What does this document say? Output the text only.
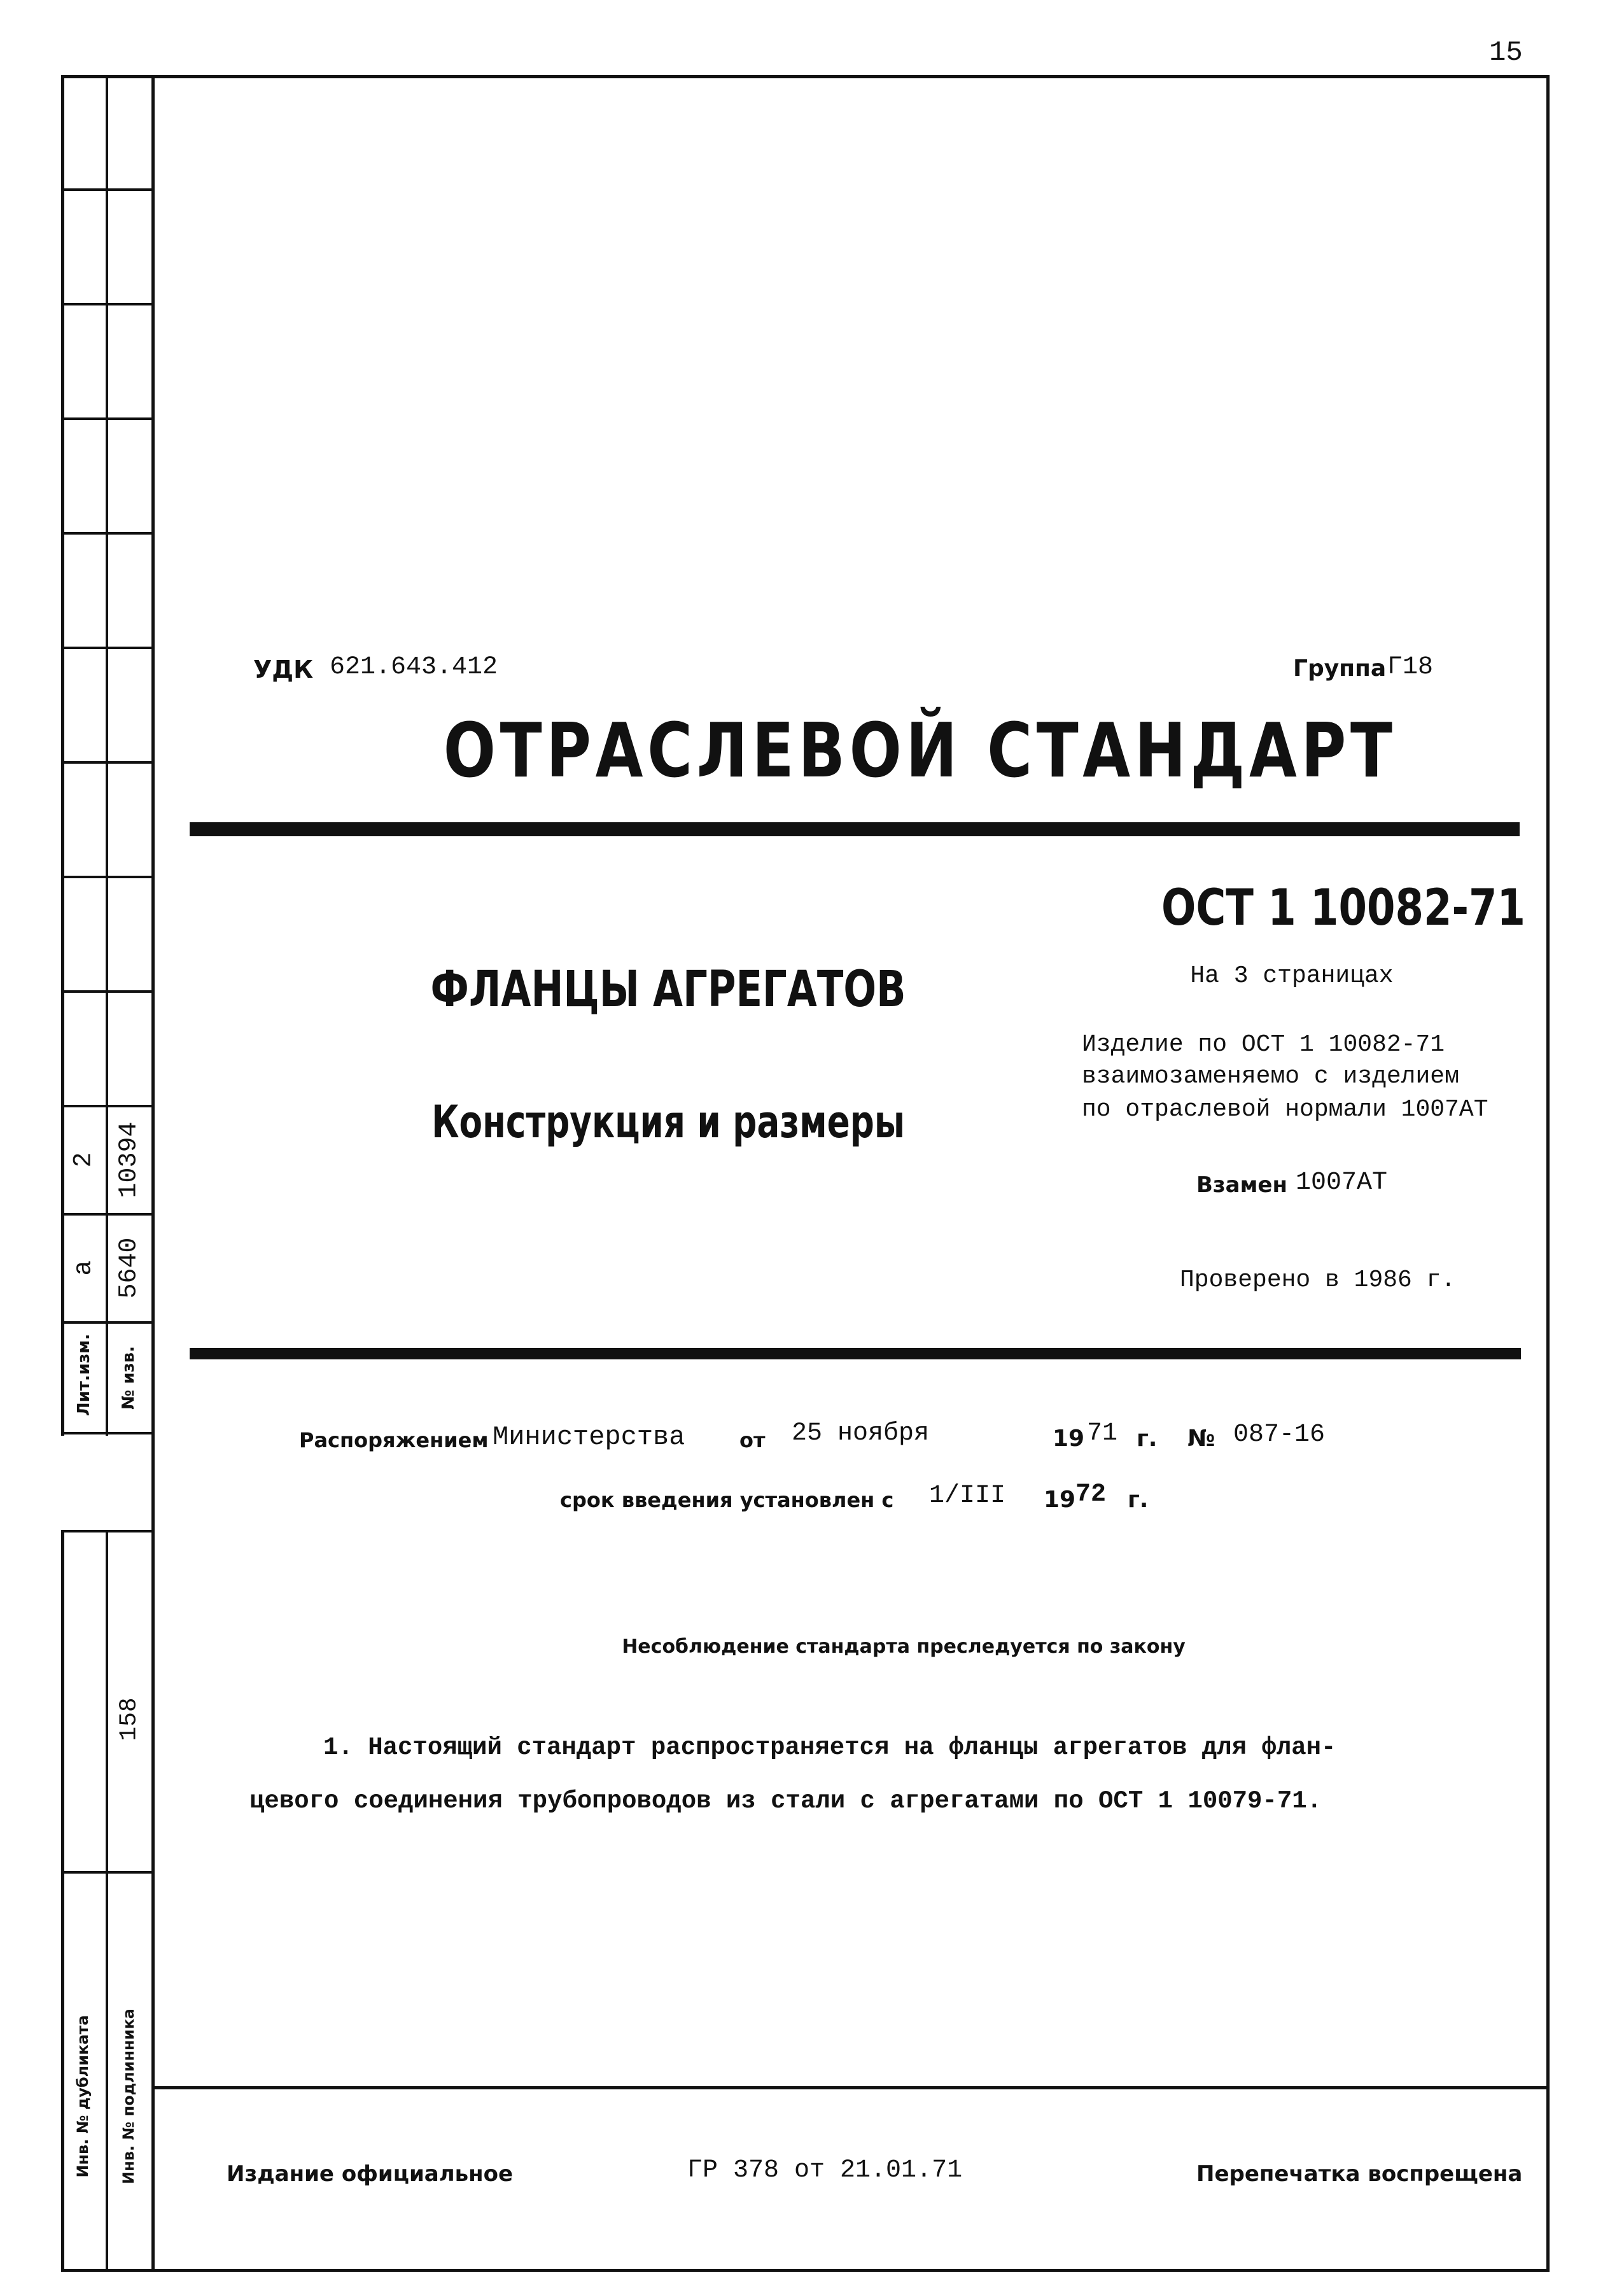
15
Лит.изм. № изв.
а 5640
2 10394
158
Инв. № дубликата Инв. № подлинника
УДК 621.643.412	Группа Г18
ОТРАСЛЕВОЙ СТАНДАРТ
ОСТ 1 10082-71
На 3 страницах
Изделие по ОСТ 1 10082-71
взаимозаменяемо с изделием
по отраслевой нормали 1007АТ
Взамен 1007АТ
Проверено в 1986 г.
ФЛАНЦЫ АГРЕГАТОВ
Конструкция и размеры
Распоряжением Министерства	от 25 ноября	19 71 г. № 087-16
срок введения установлен с 1/III 19 72 г.
Несоблюдение стандарта преследуется по закону
1. Настоящий стандарт распространяется на фланцы агрегатов для флан-
цевого соединения трубопроводов из стали с агрегатами по ОСТ 1 10079-71.
Издание официальное	ГР 378 от 21.01.71	Перепечатка воспрещена
